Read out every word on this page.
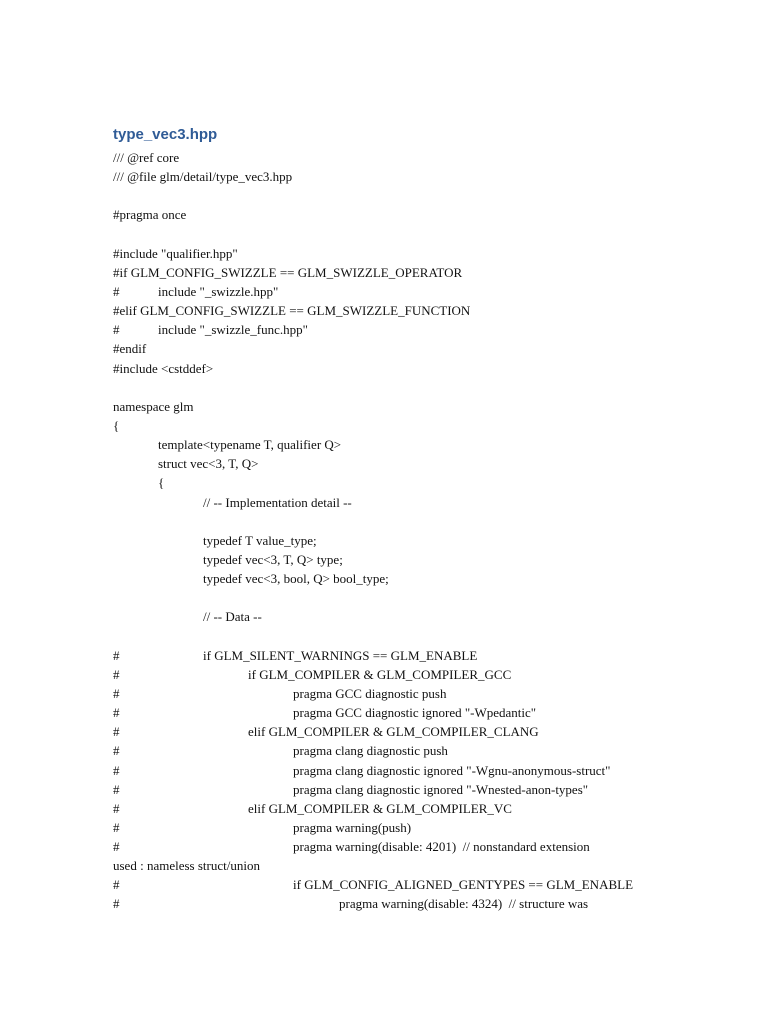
type_vec3.hpp
/// @ref core
/// @file glm/detail/type_vec3.hpp
#pragma once
#include "qualifier.hpp"
#if GLM_CONFIG_SWIZZLE == GLM_SWIZZLE_OPERATOR
#	include "_swizzle.hpp"
#elif GLM_CONFIG_SWIZZLE == GLM_SWIZZLE_FUNCTION
#	include "_swizzle_func.hpp"
#endif
#include <cstddef>
namespace glm
{
template<typename T, qualifier Q>
struct vec<3, T, Q>
{
// -- Implementation detail --
typedef T value_type;
typedef vec<3, T, Q> type;
typedef vec<3, bool, Q> bool_type;
// -- Data --
#	if GLM_SILENT_WARNINGS == GLM_ENABLE
#	if GLM_COMPILER & GLM_COMPILER_GCC
#	pragma GCC diagnostic push
#	pragma GCC diagnostic ignored "-Wpedantic"
#	elif GLM_COMPILER & GLM_COMPILER_CLANG
#	pragma clang diagnostic push
#	pragma clang diagnostic ignored "-Wgnu-anonymous-struct"
#	pragma clang diagnostic ignored "-Wnested-anon-types"
#	elif GLM_COMPILER & GLM_COMPILER_VC
#	pragma warning(push)
#	pragma warning(disable: 4201)  // nonstandard extension
used : nameless struct/union
#	if GLM_CONFIG_ALIGNED_GENTYPES == GLM_ENABLE
#	pragma warning(disable: 4324)  // structure was
